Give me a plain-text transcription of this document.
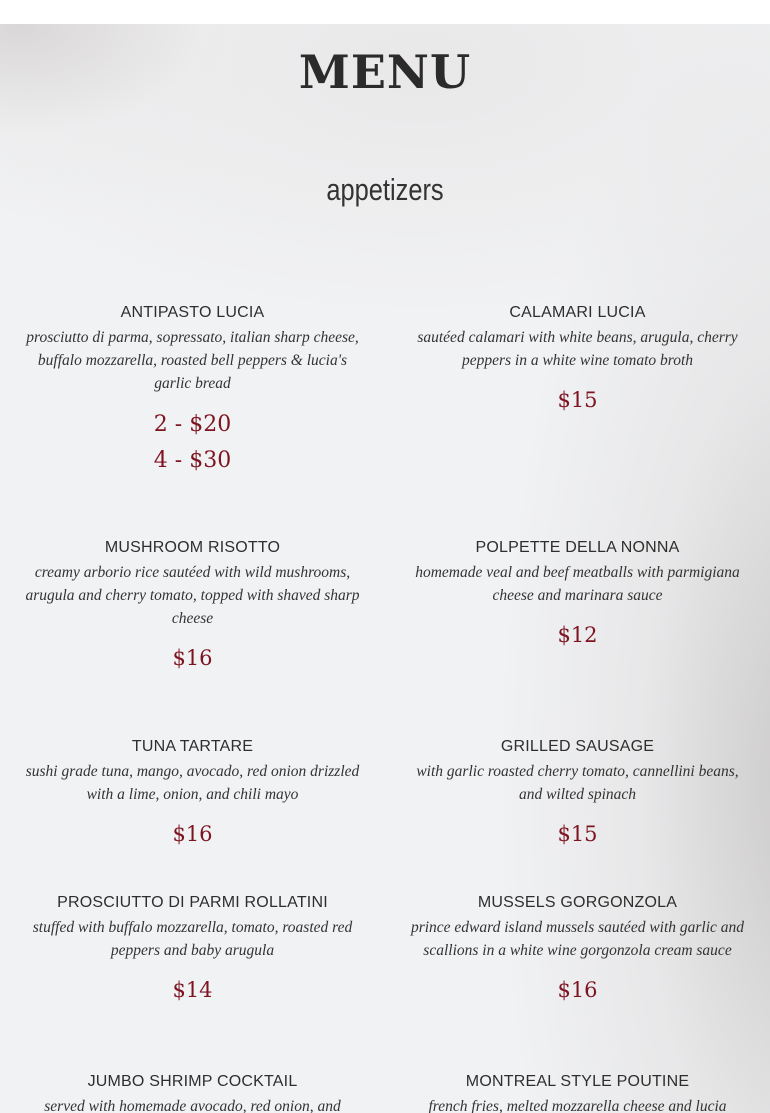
MENU
appetizers
ANTIPASTO LUCIA
prosciutto di parma, sopressato, italian sharp cheese, buffalo mozzarella, roasted bell peppers & lucia's garlic bread
2 - $20
4 - $30
CALAMARI LUCIA
sautéed calamari with white beans, arugula, cherry peppers in a white wine tomato broth
$15
MUSHROOM RISOTTO
creamy arborio rice sautéed with wild mushrooms, arugula and cherry tomato, topped with shaved sharp cheese
$16
POLPETTE DELLA NONNA
homemade veal and beef meatballs with parmigiana cheese and marinara sauce
$12
TUNA TARTARE
sushi grade tuna, mango, avocado, red onion drizzled with a lime, onion, and chili mayo
$16
GRILLED SAUSAGE
with garlic roasted cherry tomato, cannellini beans, and wilted spinach
$15
PROSCIUTTO DI PARMI ROLLATINI
stuffed with buffalo mozzarella, tomato, roasted red peppers and baby arugula
$14
MUSSELS GORGONZOLA
prince edward island mussels sautéed with garlic and scallions in a white wine gorgonzola cream sauce
$16
JUMBO SHRIMP COCKTAIL
served with homemade avocado, red onion, and
MONTREAL STYLE POUTINE
french fries, melted mozzarella cheese and lucia
